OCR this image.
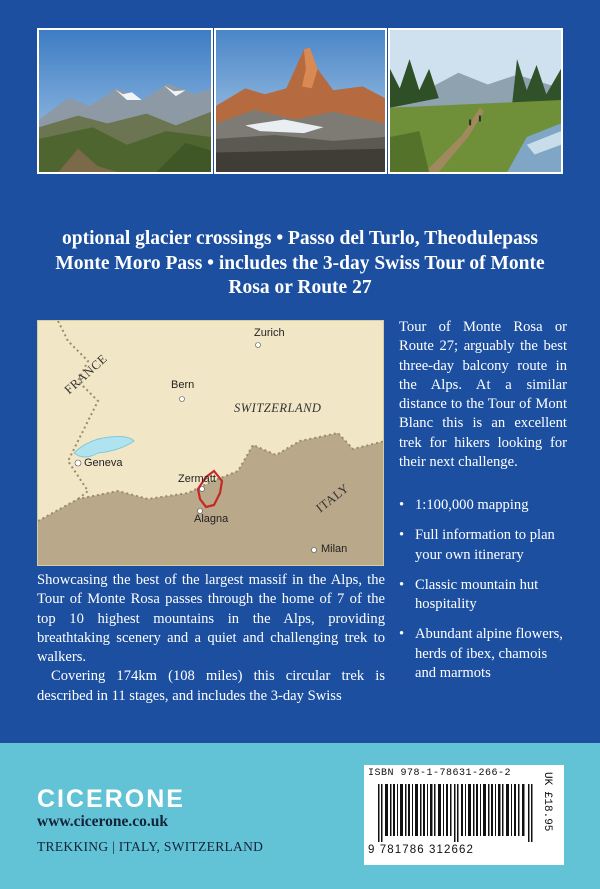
optional glacier crossings • Passo del Turlo, Theodulepass
Monte Moro Pass • includes the 3-day Swiss Tour of Monte
Rosa or Route 27
FRANCE
SWITZERLAND
ITALY
Zurich
Bern
Geneva
Zermatt
Alagna
Milan
Tour of Monte Rosa or Route 27; arguably the best three-day balcony route in the Alps. At a similar distance to the Tour of Mont Blanc this is an excellent trek for hikers looking for their next challenge.
• 1:100,000 mapping
• Full information to plan your own itinerary
• Classic mountain hut hospitality
• Abundant alpine flowers, herds of ibex, chamois and marmots

Showcasing the best of the largest massif in the Alps, the Tour of Monte Rosa passes through the home of 7 of the top 10 highest mountains in the Alps, providing breathtaking scenery and a quiet and challenging trek to walkers.

Covering 174km (108 miles) this circular trek is described in 11 stages, and includes the 3-day Swiss

CICERONE
www.cicerone.co.uk
TREKKING | ITALY, SWITZERLAND
ISBN 978-1-78631-266-2
9 781786 312662
UK £18.95
